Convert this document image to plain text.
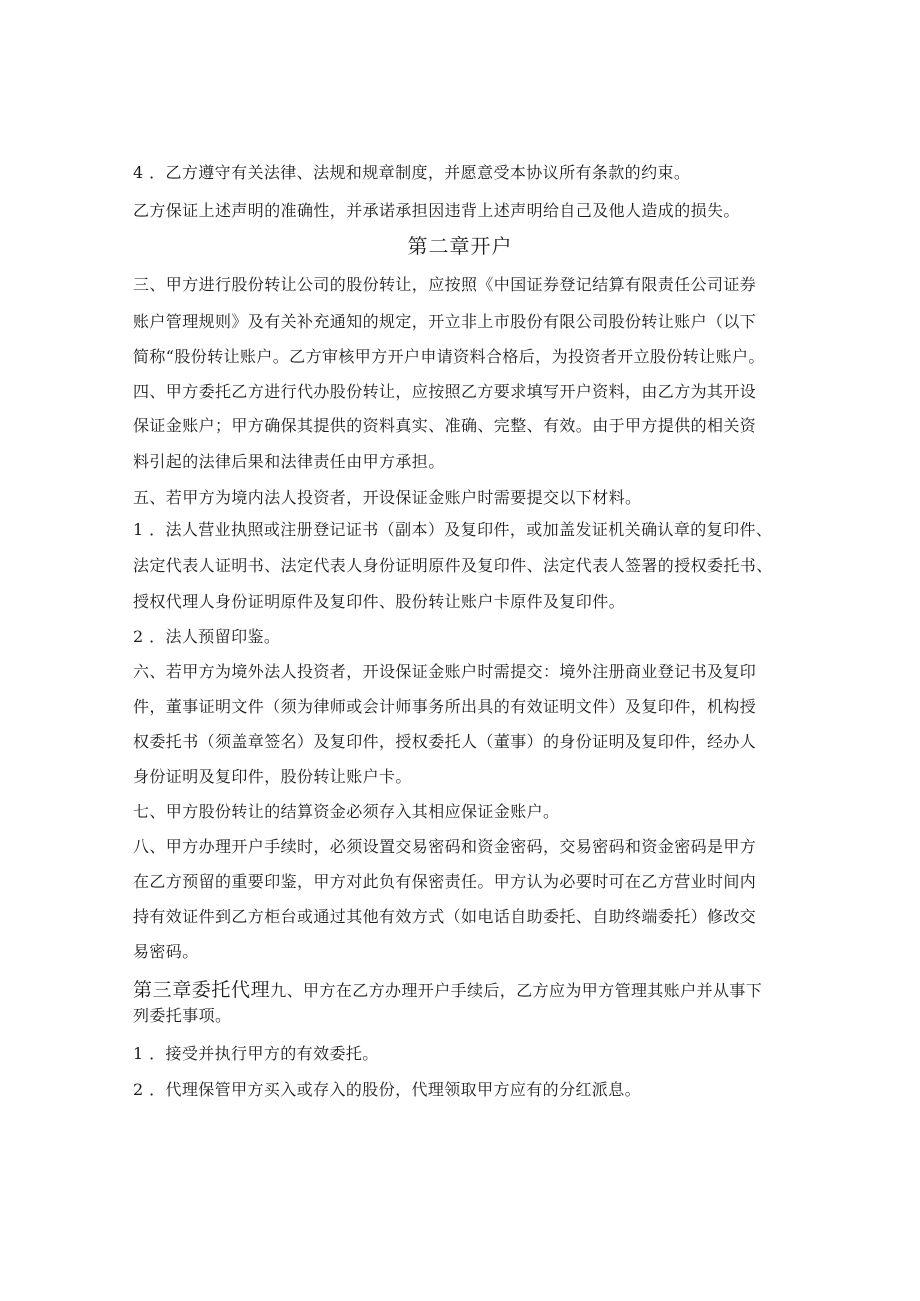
4 ．乙方遵守有关法律、法规和规章制度，并愿意受本协议所有条款的约束。
乙方保证上述声明的准确性，并承诺承担因违背上述声明给自己及他人造成的损失。
第二章开户
三、甲方进行股份转让公司的股份转让，应按照《中国证券登记结算有限责任公司证券
账户管理规则》及有关补充通知的规定，开立非上市股份有限公司股份转让账户（以下
简称“股份转让账户。乙方审核甲方开户申请资料合格后，为投资者开立股份转让账户。
四、甲方委托乙方进行代办股份转让，应按照乙方要求填写开户资料，由乙方为其开设
保证金账户；甲方确保其提供的资料真实、准确、完整、有效。由于甲方提供的相关资
料引起的法律后果和法律责任由甲方承担。
五、若甲方为境内法人投资者，开设保证金账户时需要提交以下材料。
1 ．法人营业执照或注册登记证书（副本）及复印件，或加盖发证机关确认章的复印件、
法定代表人证明书、法定代表人身份证明原件及复印件、法定代表人签署的授权委托书、
授权代理人身份证明原件及复印件、股份转让账户卡原件及复印件。
2 ．法人预留印鉴。
六、若甲方为境外法人投资者，开设保证金账户时需提交：境外注册商业登记书及复印
件，董事证明文件（须为律师或会计师事务所出具的有效证明文件）及复印件，机构授
权委托书（须盖章签名）及复印件，授权委托人（董事）的身份证明及复印件，经办人
身份证明及复印件，股份转让账户卡。
七、甲方股份转让的结算资金必须存入其相应保证金账户。
八、甲方办理开户手续时，必须设置交易密码和资金密码，交易密码和资金密码是甲方
在乙方预留的重要印鉴，甲方对此负有保密责任。甲方认为必要时可在乙方营业时间内
持有效证件到乙方柜台或通过其他有效方式（如电话自助委托、自助终端委托）修改交
易密码。
第三章委托代理九、甲方在乙方办理开户手续后，乙方应为甲方管理其账户并从事下
列委托事项。
1 ．接受并执行甲方的有效委托。
2 ．代理保管甲方买入或存入的股份，代理领取甲方应有的分红派息。
